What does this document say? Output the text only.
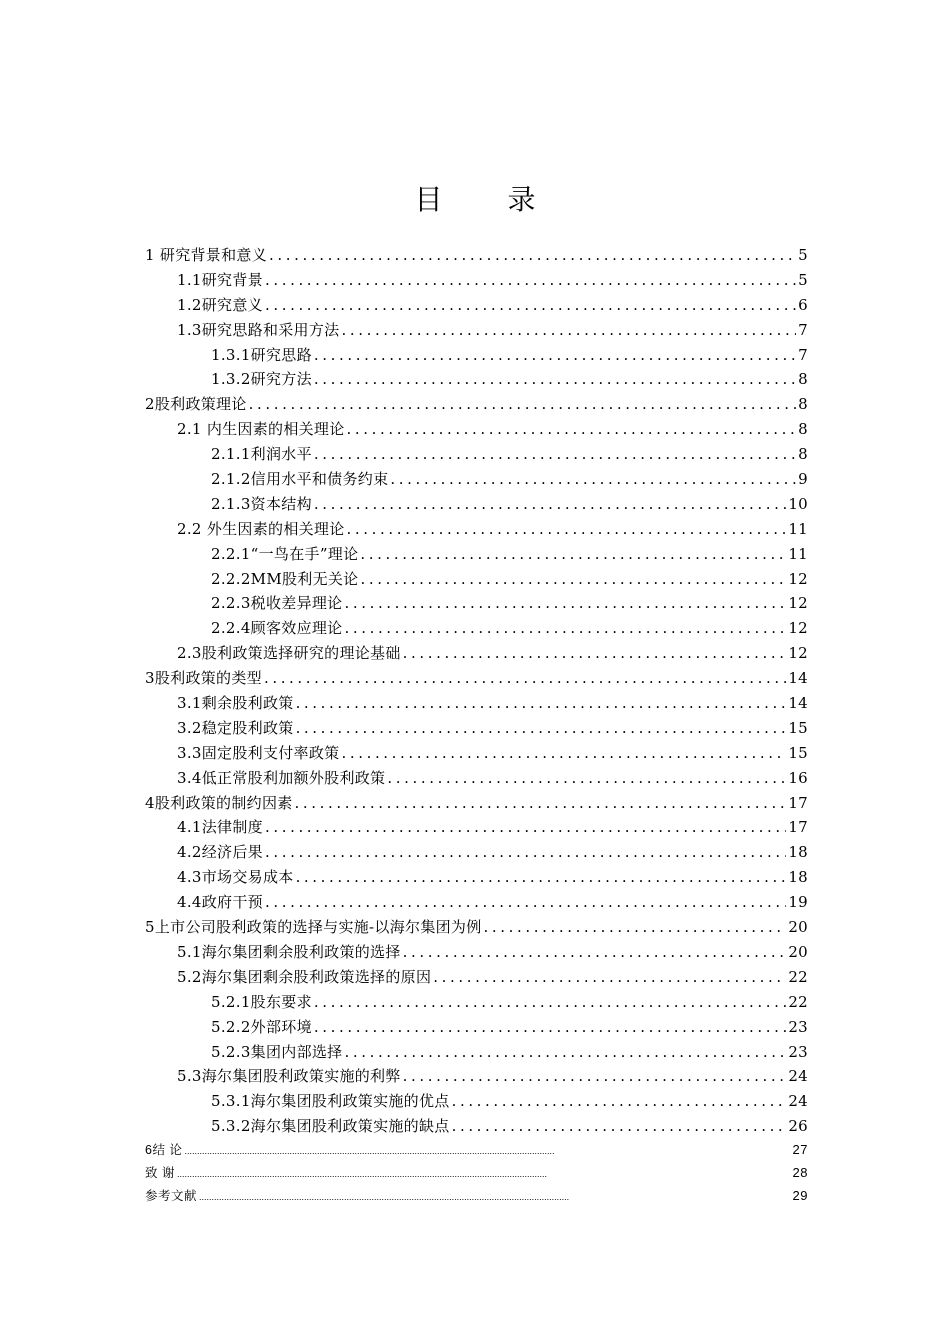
目 录
1 研究背景和意义 .....	5
1.1研究背景 .....	5
1.2研究意义 .....	6
1.3研究思路和采用方法 .....	7
1.3.1研究思路 .....	7
1.3.2研究方法 .....	8
2股利政策理论 .....	8
2.1 内生因素的相关理论 .....	8
2.1.1利润水平 .....	8
2.1.2信用水平和债务约束 .....	9
2.1.3资本结构 .....	10
2.2 外生因素的相关理论 .....	11
2.2.1“一鸟在手”理论 .....	11
2.2.2MM股利无关论 .....	12
2.2.3税收差异理论 .....	12
2.2.4顾客效应理论 .....	12
2.3股利政策选择研究的理论基础 .....	12
3股利政策的类型 .....	14
3.1剩余股利政策 .....	14
3.2稳定股利政策 .....	15
3.3固定股利支付率政策 .....	15
3.4低正常股利加额外股利政策 .....	16
4股利政策的制约因素 .....	17
4.1法律制度 .....	17
4.2经济后果 .....	18
4.3市场交易成本 .....	18
4.4政府干预 .....	19
5上市公司股利政策的选择与实施-以海尔集团为例 .....	20
5.1海尔集团剩余股利政策的选择 .....	20
5.2海尔集团剩余股利政策选择的原因 .....	22
5.2.1股东要求 .....	22
5.2.2外部环境 .....	23
5.2.3集团内部选择 .....	23
5.3海尔集团股利政策实施的利弊 .....	24
5.3.1海尔集团股利政策实施的优点 .....	24
5.3.2海尔集团股利政策实施的缺点 .....	26
6结 论 .....	27
致 谢 .....	28
参考文献 .....	29
